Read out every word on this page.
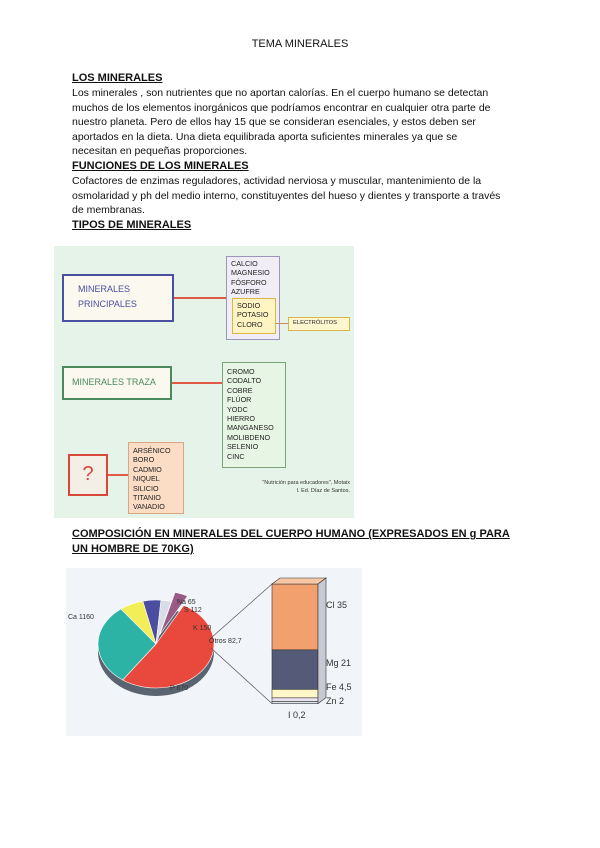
TEMA MINERALES
LOS MINERALES
Los minerales , son nutrientes que no aportan calorías. En el cuerpo humano se detectan
muchos de los elementos inorgánicos que podríamos encontrar en cualquier otra parte de
nuestro planeta. Pero de ellos hay 15 que se consideran esenciales, y estos deben ser
aportados en la dieta. Una dieta equilibrada aporta suficientes minerales ya que se
necesitan en pequeñas proporciones.
FUNCIONES DE LOS MINERALES
Cofactores de enzimas reguladores, actividad nerviosa y muscular, mantenimiento de la
osmolaridad y ph del medio interno, constituyentes del hueso y dientes y transporte a través
de membranas.
TIPOS DE MINERALES
MINERALES
PRINCIPALES
CALCIO
MAGNESIO
FÓSFORO
AZUFRE
SODIO
POTASIO
CLORO	ELECTRÓLITOS
MINERALES TRAZA
CROMO
CODALTO
COBRE
FLÚOR
YODC
HIERRO
MANGANESO
MOLIBDENO
SELENIO
CINC
?
ARSÉNICO
BORO
CADMIO
NIQUEL
SILICIO
TITANIO
VANADIO
"Nutrición para educadores", Motaix
I. Ed. Díaz de Santos.
COMPOSICIÓN EN MINERALES DEL CUERPO HUMANO (EXPRESADOS EN g PARA
UN HOMBRE DE 70KG)
Ca 1160
Na 65
S 112
K 150
Otros 82,7
P 670
Cl 35
Mg 21
Fe 4,5
Zn 2
I 0,2
